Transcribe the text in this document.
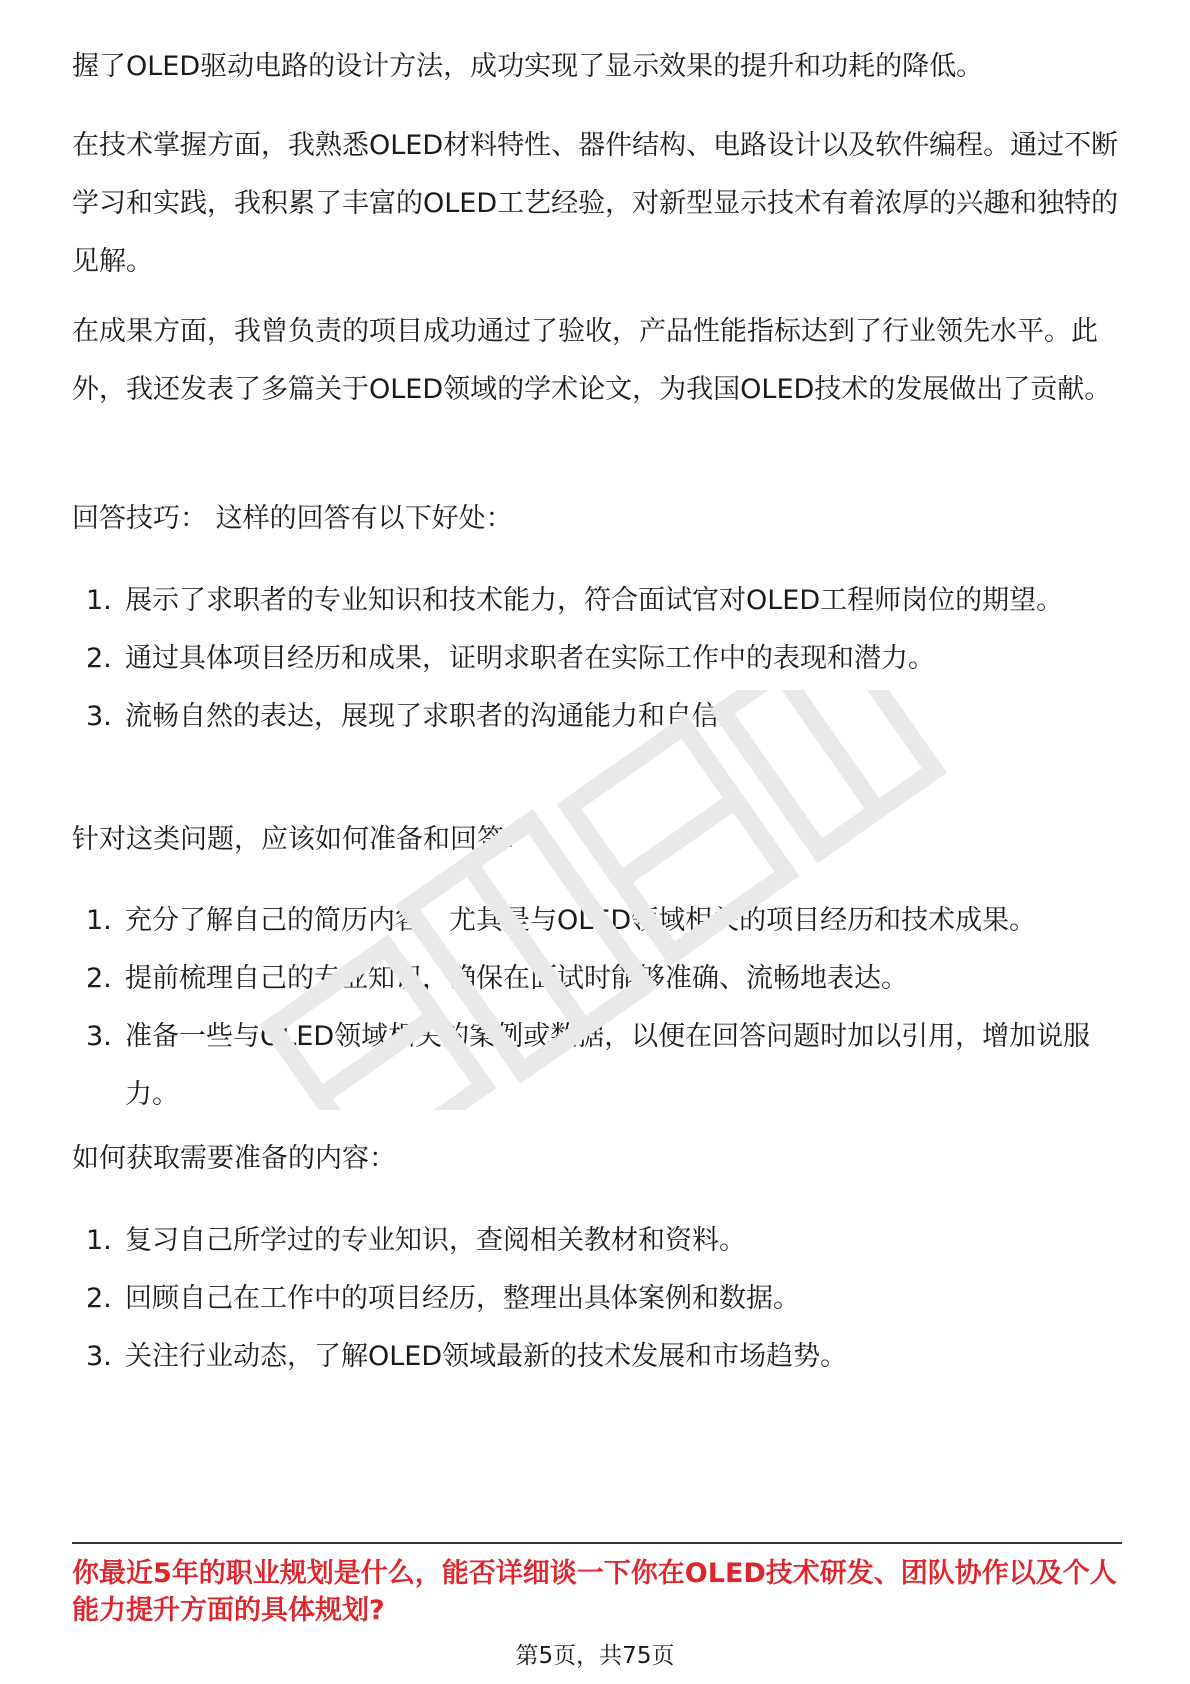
握了OLED驱动电路的设计方法，成功实现了显示效果的提升和功耗的降低。

在技术掌握方面，我熟悉OLED材料特性、器件结构、电路设计以及软件编程。通过不断学习和实践，我积累了丰富的OLED工艺经验，对新型显示技术有着浓厚的兴趣和独特的见解。

在成果方面，我曾负责的项目成功通过了验收，产品性能指标达到了行业领先水平。此外，我还发表了多篇关于OLED领域的学术论文，为我国OLED技术的发展做出了贡献。

回答技巧： 这样的回答有以下好处：

1. 展示了求职者的专业知识和技术能力，符合面试官对OLED工程师岗位的期望。
2. 通过具体项目经历和成果，证明求职者在实际工作中的表现和潜力。
3. 流畅自然的表达，展现了求职者的沟通能力和自信。

针对这类问题，应该如何准备和回答：

1. 充分了解自己的简历内容，尤其是与OLED领域相关的项目经历和技术成果。
2. 提前梳理自己的专业知识，确保在面试时能够准确、流畅地表达。
3. 准备一些与OLED领域相关的案例或数据，以便在回答问题时加以引用，增加说服力。

如何获取需要准备的内容：

1. 复习自己所学过的专业知识，查阅相关教材和资料。
2. 回顾自己在工作中的项目经历，整理出具体案例和数据。
3. 关注行业动态，了解OLED领域最新的技术发展和市场趋势。

你最近5年的职业规划是什么，能否详细谈一下你在OLED技术研发、团队协作以及个人能力提升方面的具体规划?

第5页，共75页
